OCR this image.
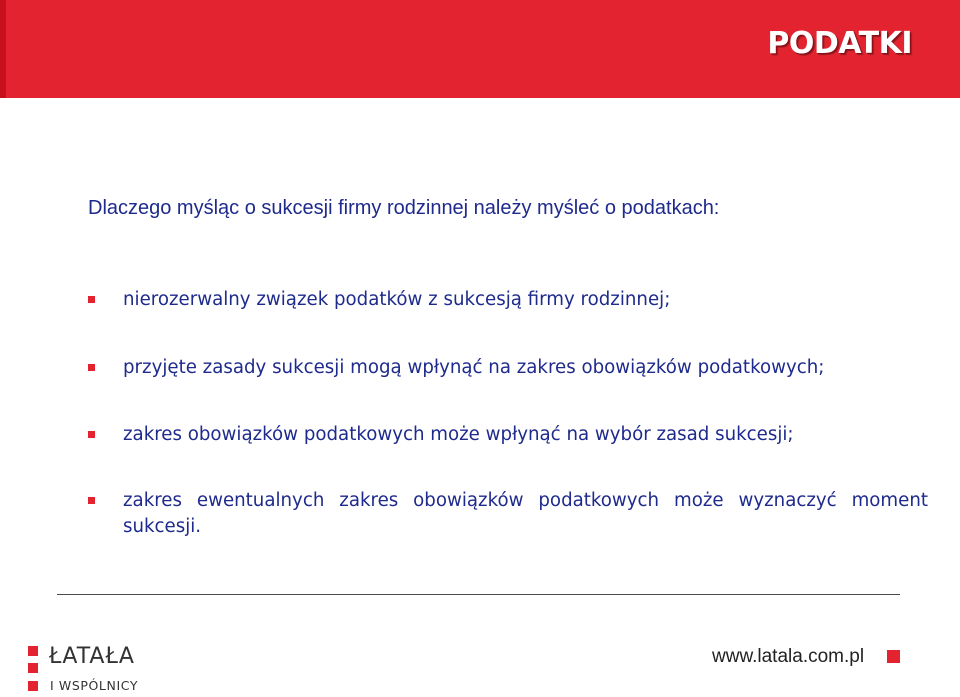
PODATKI
Dlaczego myśląc o sukcesji firmy rodzinnej należy myśleć o podatkach:
nierozerwalny związek podatków z sukcesją firmy rodzinnej;
przyjęte zasady sukcesji mogą wpłynąć na zakres obowiązków podatkowych;
zakres obowiązków podatkowych może wpłynąć na wybór zasad sukcesji;
zakres ewentualnych zakres obowiązków podatkowych może wyznaczyć moment sukcesji.
ŁATAŁA
I WSPÓLNICY
www.latala.com.pl
